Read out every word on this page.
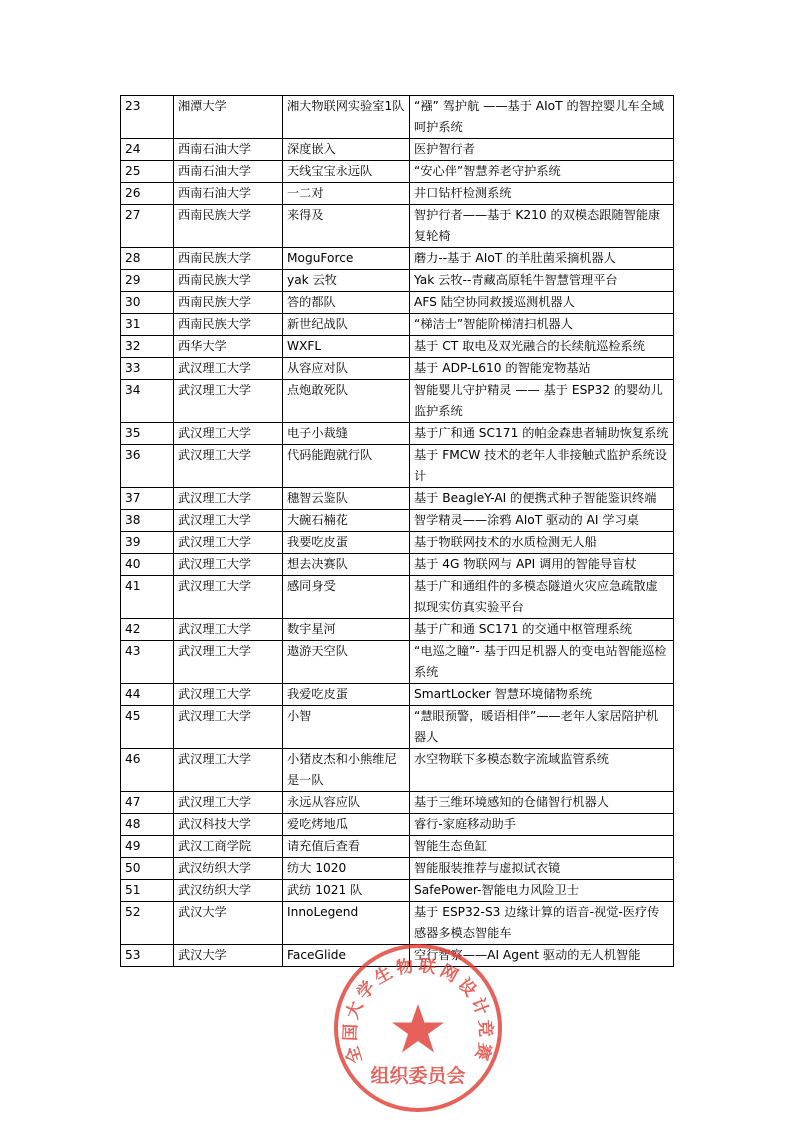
23	湘潭大学	湘大物联网实验室1队	“襁” 驾护航 ——基于 AIoT 的智控婴儿车全域呵护系统
24	西南石油大学	深度嵌入	医护智行者
25	西南石油大学	天线宝宝永远队	“安心伴”智慧养老守护系统
26	西南石油大学	一二对	井口钻杆检测系统
27	西南民族大学	来得及	智护行者——基于 K210 的双模态跟随智能康复轮椅
28	西南民族大学	MoguForce	蘑力--基于 AIoT 的羊肚菌采摘机器人
29	西南民族大学	yak 云牧	Yak 云牧--青藏高原牦牛智慧管理平台
30	西南民族大学	答的都队	AFS 陆空协同救援巡测机器人
31	西南民族大学	新世纪战队	“梯洁士”智能阶梯清扫机器人
32	西华大学	WXFL	基于 CT 取电及双光融合的长续航巡检系统
33	武汉理工大学	从容应对队	基于 ADP-L610 的智能宠物基站
34	武汉理工大学	点炮敢死队	智能婴儿守护精灵 —— 基于 ESP32 的婴幼儿监护系统
35	武汉理工大学	电子小裁缝	基于广和通 SC171 的帕金森患者辅助恢复系统
36	武汉理工大学	代码能跑就行队	基于 FMCW 技术的老年人非接触式监护系统设计
37	武汉理工大学	穗智云鉴队	基于 BeagleY-AI 的便携式种子智能鉴识终端
38	武汉理工大学	大碗石楠花	智学精灵——涂鸦 AIoT 驱动的 AI 学习桌
39	武汉理工大学	我要吃皮蛋	基于物联网技术的水质检测无人船
40	武汉理工大学	想去决赛队	基于 4G 物联网与 API 调用的智能导盲杖
41	武汉理工大学	感同身受	基于广和通组件的多模态隧道火灾应急疏散虚拟现实仿真实验平台
42	武汉理工大学	数宇星河	基于广和通 SC171 的交通中枢管理系统
43	武汉理工大学	遨游天空队	“电巡之瞳”- 基于四足机器人的变电站智能巡检系统
44	武汉理工大学	我爱吃皮蛋	SmartLocker 智慧环境储物系统
45	武汉理工大学	小智	“慧眼预警，暖语相伴”——老年人家居陪护机器人
46	武汉理工大学	小猪皮杰和小熊维尼是一队	水空物联下多模态数字流域监管系统
47	武汉理工大学	永远从容应队	基于三维环境感知的仓储智行机器人
48	武汉科技大学	爱吃烤地瓜	睿行-家庭移动助手
49	武汉工商学院	请充值后查看	智能生态鱼缸
50	武汉纺织大学	纺大 1020	智能服装推荐与虚拟试衣镜
51	武汉纺织大学	武纺 1021 队	SafePower-智能电力风险卫士
52	武汉大学	InnoLegend	基于 ESP32-S3 边缘计算的语音-视觉-医疗传感器多模态智能车
53	武汉大学	FaceGlide	空行智察——AI Agent 驱动的无人机智能
全国大学生物联网设计竞赛
组织委员会
